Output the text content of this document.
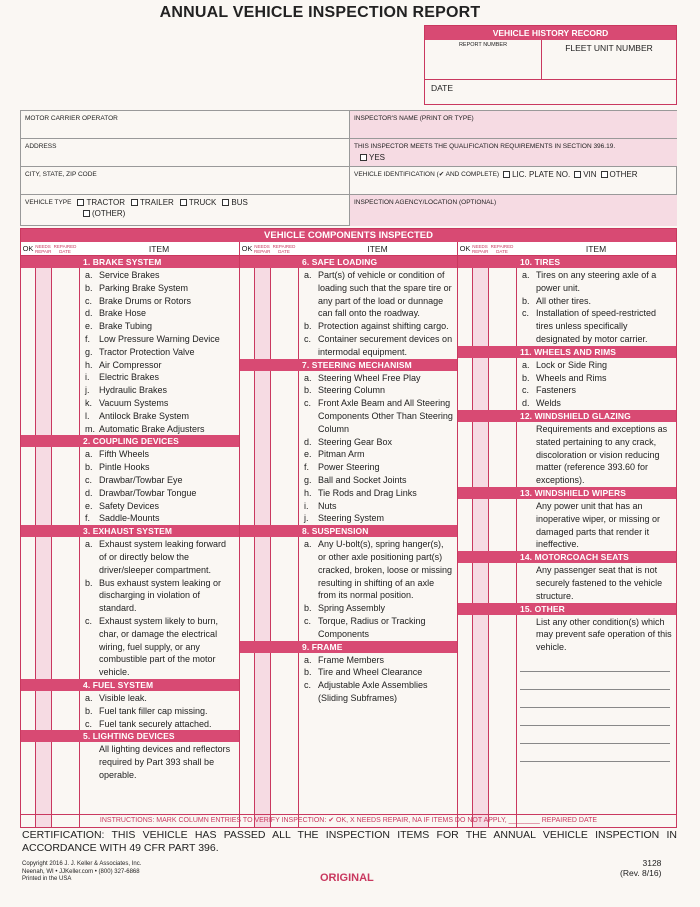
ANNUAL VEHICLE INSPECTION REPORT
VEHICLE HISTORY RECORD
REPORT NUMBER	FLEET UNIT NUMBER
DATE
MOTOR CARRIER OPERATOR	INSPECTOR'S NAME (PRINT OR TYPE)
ADDRESS	THIS INSPECTOR MEETS THE QUALIFICATION REQUIREMENTS IN SECTION 396.19.
YES
CITY, STATE, ZIP CODE	VEHICLE IDENTIFICATION (✔ AND COMPLETE)	LIC. PLATE NO.	VIN	OTHER
VEHICLE TYPE	TRACTOR	TRAILER	TRUCK	BUS
(OTHER)
INSPECTION AGENCY/LOCATION (OPTIONAL)
VEHICLE COMPONENTS INSPECTED
OK NEEDS REPAIR
REPAIRED DATE	ITEM
1. BRAKE SYSTEM
a. Service Brakes
b. Parking Brake System
c. Brake Drums or Rotors
d. Brake Hose
e. Brake Tubing
f. Low Pressure Warning Device
g. Tractor Protection Valve
h. Air Compressor
i.	Electric Brakes
j.	Hydraulic Brakes
k. Vacuum Systems
l.	Antilock Brake System
m. Automatic Brake Adjusters
2. COUPLING DEVICES
a. Fifth Wheels
b. Pintle Hooks
c. Drawbar/Towbar Eye
d. Drawbar/Towbar Tongue
e. Safety Devices
f. Saddle-Mounts
3. EXHAUST SYSTEM
a. Exhaust system leaking forward of or directly below the driver/sleeper compartment.
b. Bus exhaust system leaking or discharging in violation of standard.
c. Exhaust system likely to burn, char, or damage the electrical wiring, fuel supply, or any combustible part of the motor vehicle.
4. FUEL SYSTEM
a. Visible leak.
b. Fuel tank filler cap missing.
c. Fuel tank securely attached.
5. LIGHTING DEVICES
All lighting devices and reflectors required by Part 393 shall be operable.
OK NEEDS REPAIR
REPAIRED DATE	ITEM
6. SAFE LOADING
a. Part(s) of vehicle or condition of loading such that the spare tire or any part of the load or dunnage can fall onto the roadway.
b. Protection against shifting cargo.
c. Container securement devices on intermodal equipment.
7. STEERING MECHANISM
a. Steering Wheel Free Play
b. Steering Column
c. Front Axle Beam and All Steering Components Other Than Steering Column
d. Steering Gear Box
e. Pitman Arm
f. Power Steering
g. Ball and Socket Joints
h. Tie Rods and Drag Links
i.	Nuts
j.	Steering System
8. SUSPENSION
a. Any U-bolt(s), spring hanger(s), or other axle positioning part(s) cracked, broken, loose or missing resulting in shifting of an axle from its normal position.
b. Spring Assembly
c. Torque, Radius or Tracking Components
9. FRAME
a. Frame Members
b. Tire and Wheel Clearance
c. Adjustable Axle Assemblies (Sliding Subframes)
OK NEEDS REPAIR
REPAIRED DATE	ITEM
10. TIRES
a. Tires on any steering axle of a power unit.
b. All other tires.
c. Installation of speed-restricted tires unless specifically designated by motor carrier.
11. WHEELS AND RIMS
a. Lock or Side Ring
b. Wheels and Rims
c. Fasteners
d. Welds
12. WINDSHIELD GLAZING
Requirements and exceptions as stated pertaining to any crack, discoloration or vision reducing matter (reference 393.60 for exceptions).
13. WINDSHIELD WIPERS
Any power unit that has an inoperative wiper, or missing or damaged parts that render it ineffective.
14. MOTORCOACH SEATS
Any passenger seat that is not securely fastened to the vehicle structure.
15. OTHER
List any other condition(s) which may prevent safe operation of this vehicle.
INSTRUCTIONS: MARK COLUMN ENTRIES TO VERIFY INSPECTION: ✔ OK, X NEEDS REPAIR, NA IF ITEMS DO NOT APPLY, ________ REPAIRED DATE
CERTIFICATION: THIS VEHICLE HAS PASSED ALL THE INSPECTION ITEMS FOR THE ANNUAL VEHICLE INSPECTION IN ACCORDANCE WITH 49 CFR PART 396.
Copyright 2016 J. J. Keller & Associates, Inc.
Neenah, WI • JJKeller.com • (800) 327-6868
Printed in the USA	ORIGINAL
3128
(Rev. 8/16)
